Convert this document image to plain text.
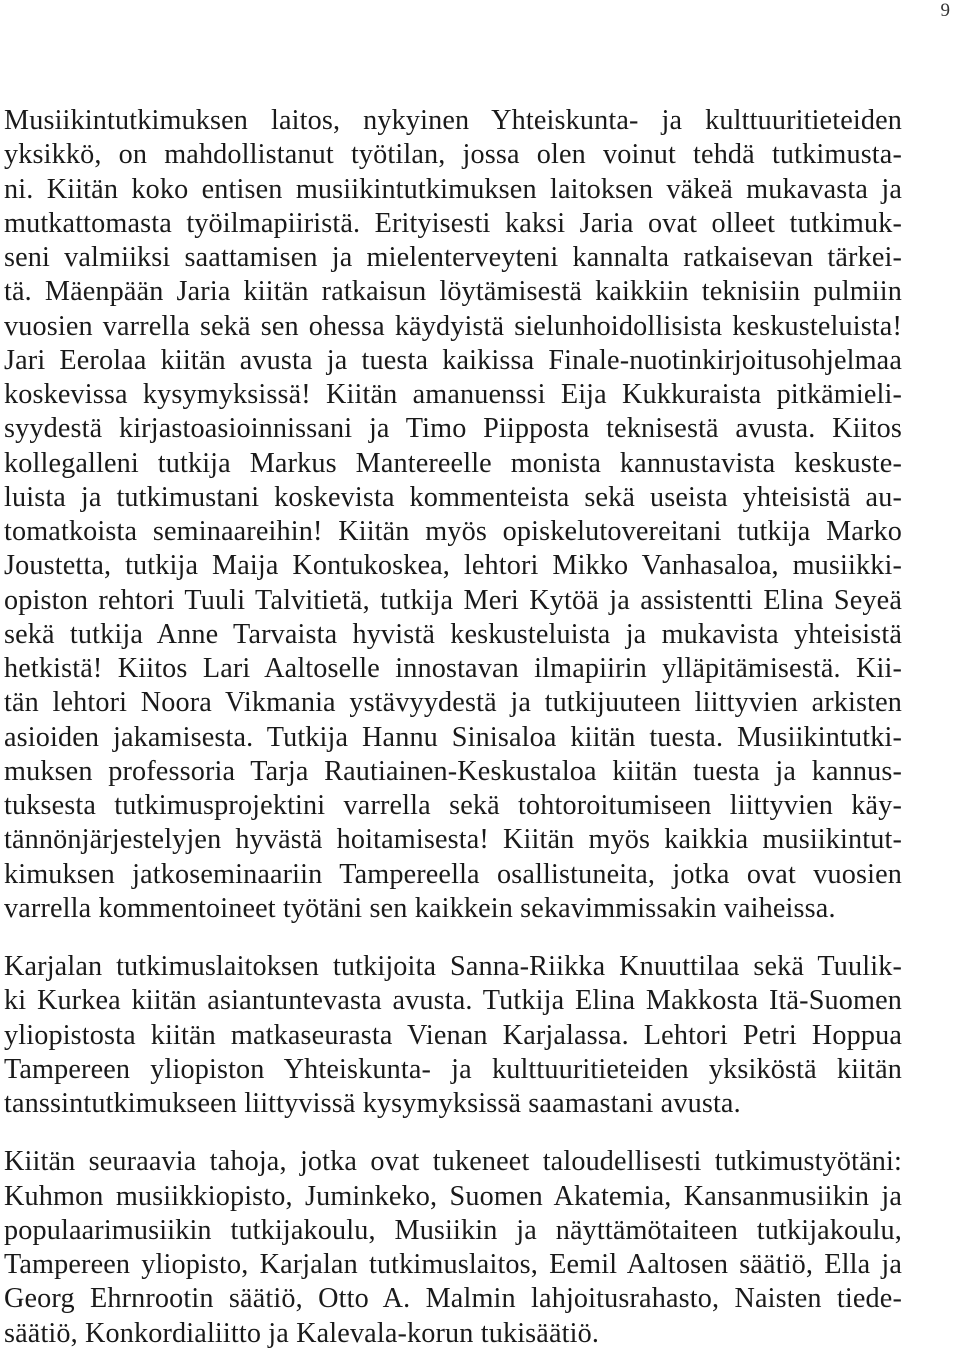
9

Musiikintutkimuksen laitos, nykyinen Yhteiskunta- ja kulttuuritieteiden
yksikkö, on mahdollistanut työtilan, jossa olen voinut tehdä tutkimusta-
ni. Kiitän koko entisen musiikintutkimuksen laitoksen väkeä mukavasta ja
mutkattomasta työilmapiiristä. Erityisesti kaksi Jaria ovat olleet tutkimuk-
seni valmiiksi saattamisen ja mielenterveyteni kannalta ratkaisevan tärkei-
tä. Mäenpään Jaria kiitän ratkaisun löytämisestä kaikkiin teknisiin pulmiin
vuosien varrella sekä sen ohessa käydyistä sielunhoidollisista keskusteluista!
Jari Eerolaa kiitän avusta ja tuesta kaikissa Finale-nuotinkirjoitusohjelmaa
koskevissa kysymyksissä! Kiitän amanuenssi Eija Kukkuraista pitkämieli-
syydestä kirjastoasioinnissani ja Timo Piipposta teknisestä avusta. Kiitos
kollegalleni tutkija Markus Mantereelle monista kannustavista keskuste-
luista ja tutkimustani koskevista kommenteista sekä useista yhteisistä au-
tomatkoista seminaareihin! Kiitän myös opiskelutovereitani tutkija Marko
Joustetta, tutkija Maija Kontukoskea, lehtori Mikko Vanhasaloa, musiikki-
opiston rehtori Tuuli Talvitietä, tutkija Meri Kytöä ja assistentti Elina Seyeä
sekä tutkija Anne Tarvaista hyvistä keskusteluista ja mukavista yhteisistä
hetkistä! Kiitos Lari Aaltoselle innostavan ilmapiirin ylläpitämisestä. Kii-
tän lehtori Noora Vikmania ystävyydestä ja tutkijuuteen liittyvien arkisten
asioiden jakamisesta. Tutkija Hannu Sinisaloa kiitän tuesta. Musiikintutki-
muksen professoria Tarja Rautiainen-Keskustaloa kiitän tuesta ja kannus-
tuksesta tutkimusprojektini varrella sekä tohtoroitumiseen liittyvien käy-
tännönjärjestelyjen hyvästä hoitamisesta! Kiitän myös kaikkia musiikintut-
kimuksen jatkoseminaariin Tampereella osallistuneita, jotka ovat vuosien
varrella kommentoineet työtäni sen kaikkein sekavimmissakin vaiheissa.

Karjalan tutkimuslaitoksen tutkijoita Sanna-Riikka Knuuttilaa sekä Tuulik-
ki Kurkea kiitän asiantuntevasta avusta. Tutkija Elina Makkosta Itä-Suomen
yliopistosta kiitän matkaseurasta Vienan Karjalassa. Lehtori Petri Hoppua
Tampereen yliopiston Yhteiskunta- ja kulttuuritieteiden yksiköstä kiitän
tanssintutkimukseen liittyvissä kysymyksissä saamastani avusta.

Kiitän seuraavia tahoja, jotka ovat tukeneet taloudellisesti tutkimustyötäni:
Kuhmon musiikkiopisto, Juminkeko, Suomen Akatemia, Kansanmusiikin ja
populaarimusiikin tutkijakoulu, Musiikin ja näyttämötaiteen tutkijakoulu,
Tampereen yliopisto, Karjalan tutkimuslaitos, Eemil Aaltosen säätiö, Ella ja
Georg Ehrnrootin säätiö, Otto A. Malmin lahjoitusrahasto, Naisten tiede-
säätiö, Konkordialiitto ja Kalevala-korun tukisäätiö.
